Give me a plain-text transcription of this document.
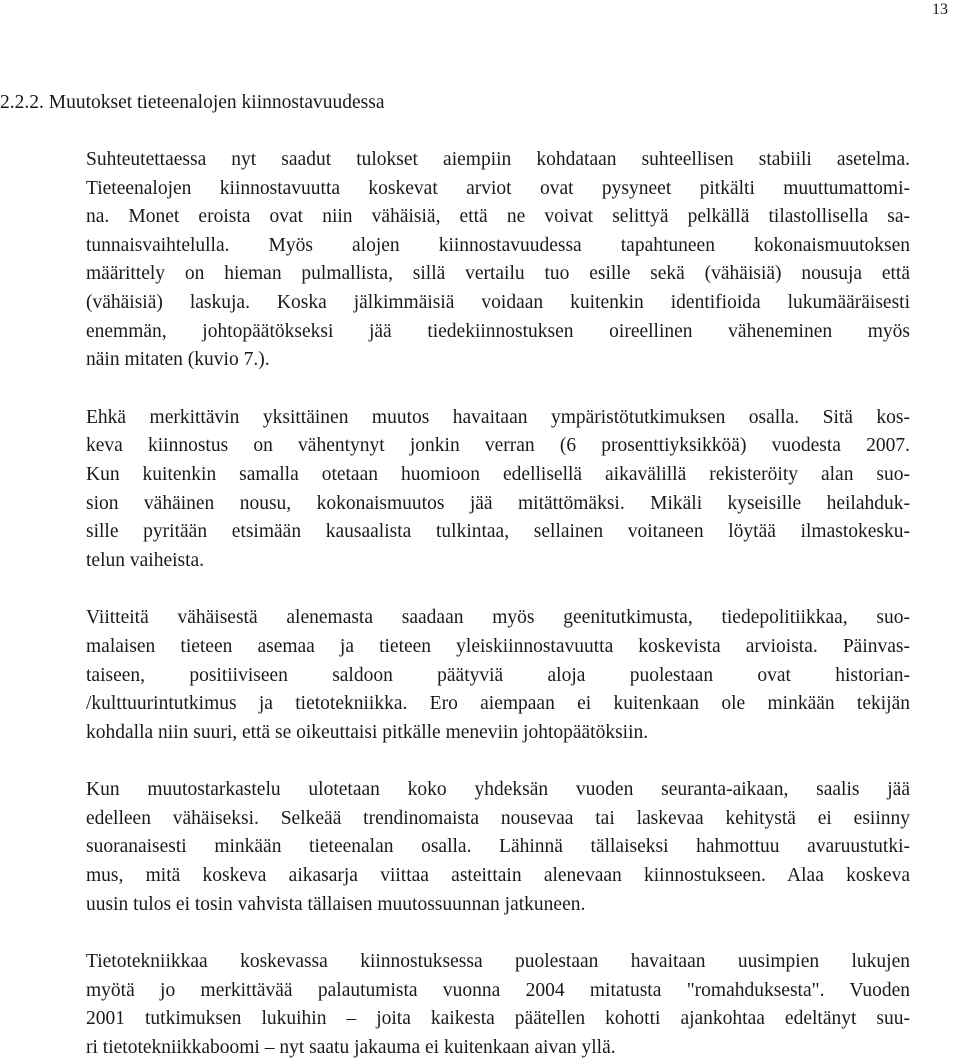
13
2.2.2. Muutokset tieteenalojen kiinnostavuudessa
Suhteutettaessa nyt saadut tulokset aiempiin kohdataan suhteellisen stabiili asetelma.
Tieteenalojen kiinnostavuutta koskevat arviot ovat pysyneet pitkälti muuttumattomi-
na. Monet eroista ovat niin vähäisiä, että ne voivat selittyä pelkällä tilastollisella sa-
tunnaisvaihtelulla. Myös alojen kiinnostavuudessa tapahtuneen kokonaismuutoksen
määrittely on hieman pulmallista, sillä vertailu tuo esille sekä (vähäisiä) nousuja että
(vähäisiä) laskuja. Koska jälkimmäisiä voidaan kuitenkin identifioida lukumääräisesti
enemmän, johtopäätökseksi jää tiedekiinnostuksen oireellinen väheneminen myös
näin mitaten (kuvio 7.).
Ehkä merkittävin yksittäinen muutos havaitaan ympäristötutkimuksen osalla. Sitä kos-
keva kiinnostus on vähentynyt jonkin verran (6 prosenttiyksikköä) vuodesta 2007.
Kun kuitenkin samalla otetaan huomioon edellisellä aikavälillä rekisteröity alan suo-
sion vähäinen nousu, kokonaismuutos jää mitättömäksi. Mikäli kyseisille heilahduk-
sille pyritään etsimään kausaalista tulkintaa, sellainen voitaneen löytää ilmastokesku-
telun vaiheista.
Viitteitä vähäisestä alenemasta saadaan myös geenitutkimusta, tiedepolitiikkaa, suo-
malaisen tieteen asemaa ja tieteen yleiskiinnostavuutta koskevista arvioista. Päinvas-
taiseen, positiiviseen saldoon päätyviä aloja puolestaan ovat historian-
/kulttuurintutkimus ja tietotekniikka. Ero aiempaan ei kuitenkaan ole minkään tekijän
kohdalla niin suuri, että se oikeuttaisi pitkälle meneviin johtopäätöksiin.
Kun muutostarkastelu ulotetaan koko yhdeksän vuoden seuranta-aikaan, saalis jää
edelleen vähäiseksi. Selkeää trendinomaista nousevaa tai laskevaa kehitystä ei esiinny
suoranaisesti minkään tieteenalan osalla. Lähinnä tällaiseksi hahmottuu avaruustutki-
mus, mitä koskeva aikasarja viittaa asteittain alenevaan kiinnostukseen. Alaa koskeva
uusin tulos ei tosin vahvista tällaisen muutossuunnan jatkuneen.
Tietotekniikkaa koskevassa kiinnostuksessa puolestaan havaitaan uusimpien lukujen
myötä jo merkittävää palautumista vuonna 2004 mitatusta "romahduksesta". Vuoden
2001 tutkimuksen lukuihin – joita kaikesta päätellen kohotti ajankohtaa edeltänyt suu-
ri tietotekniikkaboomi – nyt saatu jakauma ei kuitenkaan aivan yllä.
